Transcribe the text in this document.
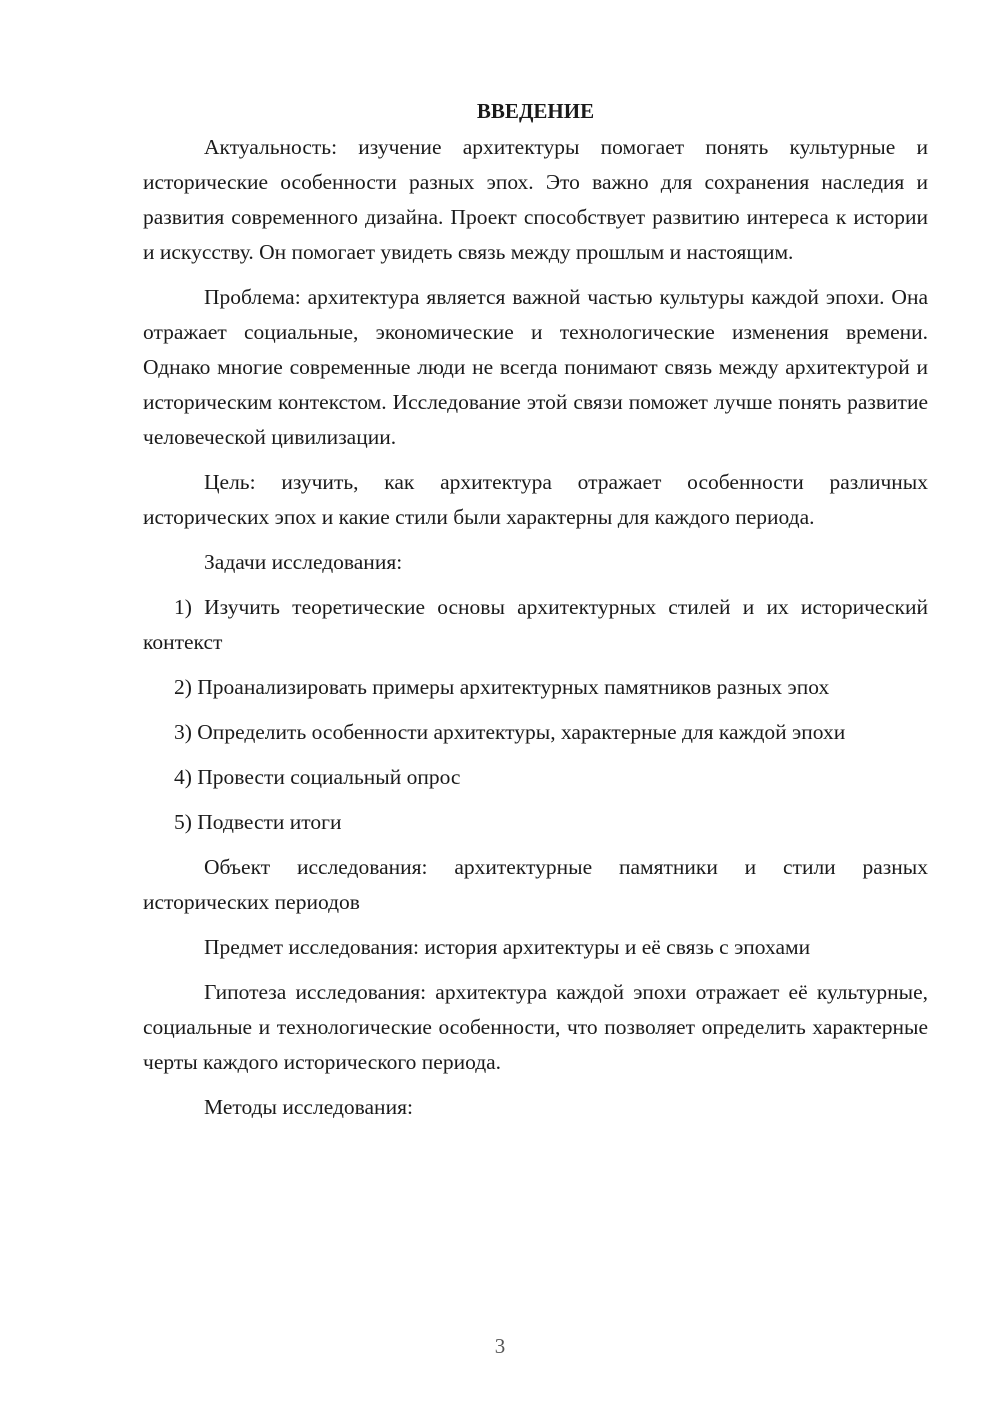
ВВЕДЕНИЕ

Актуальность: изучение архитектуры помогает понять культурные и исторические особенности разных эпох. Это важно для сохранения наследия и развития современного дизайна. Проект способствует развитию интереса к истории и искусству. Он помогает увидеть связь между прошлым и настоящим.

Проблема: архитектура является важной частью культуры каждой эпохи. Она отражает социальные, экономические и технологические изменения времени. Однако многие современные люди не всегда понимают связь между архитектурой и историческим контекстом. Исследование этой связи поможет лучше понять развитие человеческой цивилизации.

Цель: изучить, как архитектура отражает особенности различных исторических эпох и какие стили были характерны для каждого периода.

Задачи исследования:

1) Изучить теоретические основы архитектурных стилей и их исторический контекст

2) Проанализировать примеры архитектурных памятников разных эпох

3) Определить особенности архитектуры, характерные для каждой эпохи

4) Провести социальный опрос

5) Подвести итоги

Объект исследования: архитектурные памятники и стили разных исторических периодов

Предмет исследования: история архитектуры и её связь с эпохами

Гипотеза исследования: архитектура каждой эпохи отражает её культурные, социальные и технологические особенности, что позволяет определить характерные черты каждого исторического периода.

Методы исследования:

3
